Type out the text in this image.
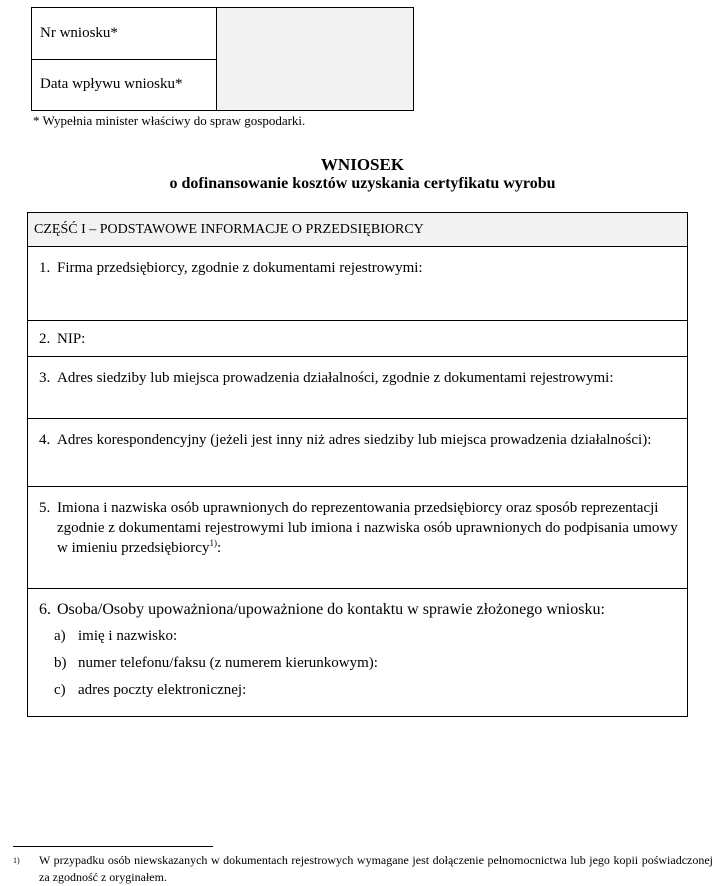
Nr wniosku*
Data wpływu wniosku*
* Wypełnia minister właściwy do spraw gospodarki.
WNIOSEK
o dofinansowanie kosztów uzyskania certyfikatu wyrobu
CZĘŚĆ I – PODSTAWOWE INFORMACJE O PRZEDSIĘBIORCY
1. Firma przedsiębiorcy, zgodnie z dokumentami rejestrowymi:
2. NIP:
3. Adres siedziby lub miejsca prowadzenia działalności, zgodnie z dokumentami rejestrowymi:
4. Adres korespondencyjny (jeżeli jest inny niż adres siedziby lub miejsca prowadzenia działalności):
5. Imiona i nazwiska osób uprawnionych do reprezentowania przedsiębiorcy oraz sposób reprezentacji
zgodnie z dokumentami rejestrowymi lub imiona i nazwiska osób uprawnionych do podpisania umowy
w imieniu przedsiębiorcy$^{1)}$:
6. Osoba/Osoby upoważniona/upoważnione do kontaktu w sprawie złożonego wniosku:
a) imię i nazwisko:
b) numer telefonu/faksu (z numerem kierunkowym):
c) adres poczty elektronicznej:
1) W przypadku osób niewskazanych w dokumentach rejestrowych wymagane jest dołączenie pełnomocnictwa lub jego kopii poświadczonej za zgodność z oryginałem.
